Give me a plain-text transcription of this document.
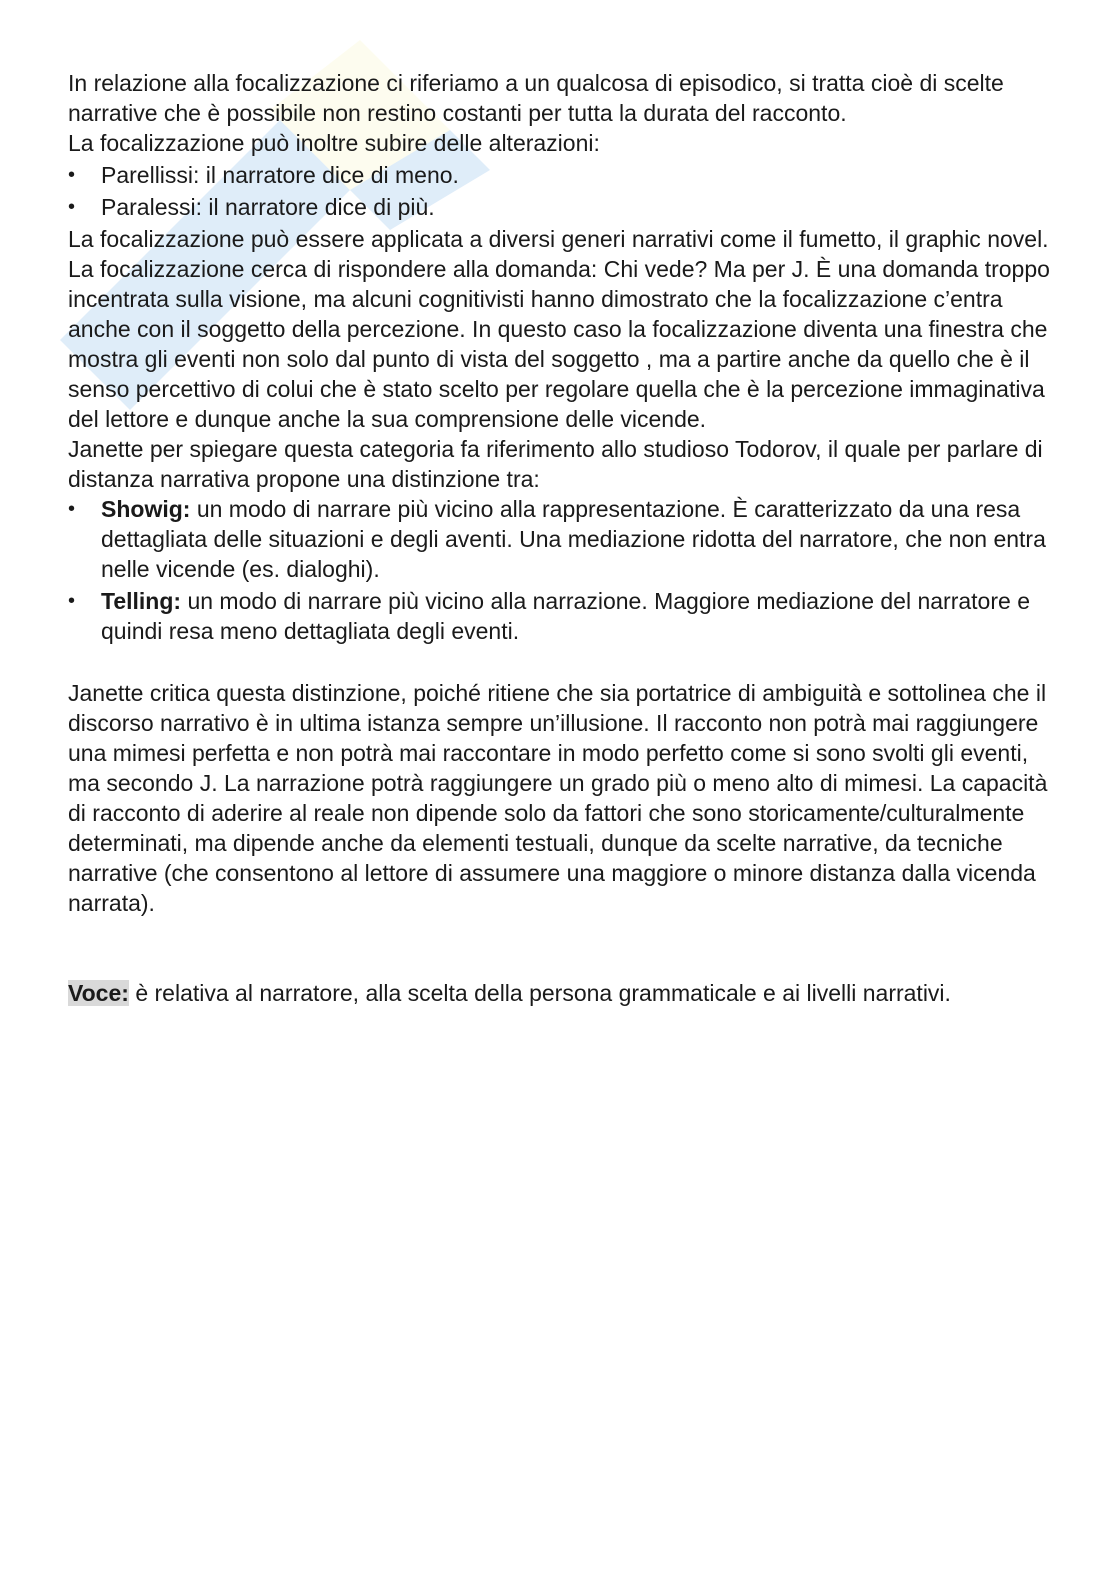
In relazione alla focalizzazione ci riferiamo a un qualcosa di episodico, si tratta cioè di scelte narrative che è possibile non restino costanti per tutta la durata del racconto.

La focalizzazione può inoltre subire delle alterazioni:

• Parellissi: il narratore dice di meno.
• Paralessi: il narratore dice di più.

La focalizzazione può essere applicata a diversi generi narrativi come il fumetto, il graphic novel.

La focalizzazione cerca di rispondere alla domanda: Chi vede? Ma per J. È una domanda troppo incentrata sulla visione, ma alcuni cognitivisti hanno dimostrato che la focalizzazione c’entra anche con il soggetto della percezione. In questo caso la focalizzazione diventa una finestra che mostra gli eventi non solo dal punto di vista del soggetto , ma a partire anche da quello che è il senso percettivo di colui che è stato scelto per regolare quella che è la percezione immaginativa del lettore e dunque anche la sua comprensione delle vicende.

Janette per spiegare questa categoria fa riferimento allo studioso Todorov, il quale per parlare di distanza narrativa propone una distinzione tra:

• Showig: un modo di narrare più vicino alla rappresentazione. È caratterizzato da una resa dettagliata delle situazioni e degli aventi. Una mediazione ridotta del narratore, che non entra nelle vicende (es. dialoghi).
• Telling: un modo di narrare più vicino alla narrazione. Maggiore mediazione del narratore e quindi resa meno dettagliata degli eventi.

Janette critica questa distinzione, poiché ritiene che sia portatrice di ambiguità e sottolinea che il discorso narrativo è in ultima istanza sempre un’illusione. Il racconto non potrà mai raggiungere una mimesi perfetta e non potrà mai raccontare in modo perfetto come si sono svolti gli eventi, ma secondo J. La narrazione potrà raggiungere un grado più o meno alto di mimesi. La capacità di racconto di aderire al reale non dipende solo da fattori che sono storicamente/culturalmente determinati, ma dipende anche da elementi testuali, dunque da scelte narrative, da tecniche narrative (che consentono al lettore di assumere una maggiore o minore distanza dalla vicenda narrata).

Voce: è relativa al narratore, alla scelta della persona grammaticale e ai livelli narrativi.
